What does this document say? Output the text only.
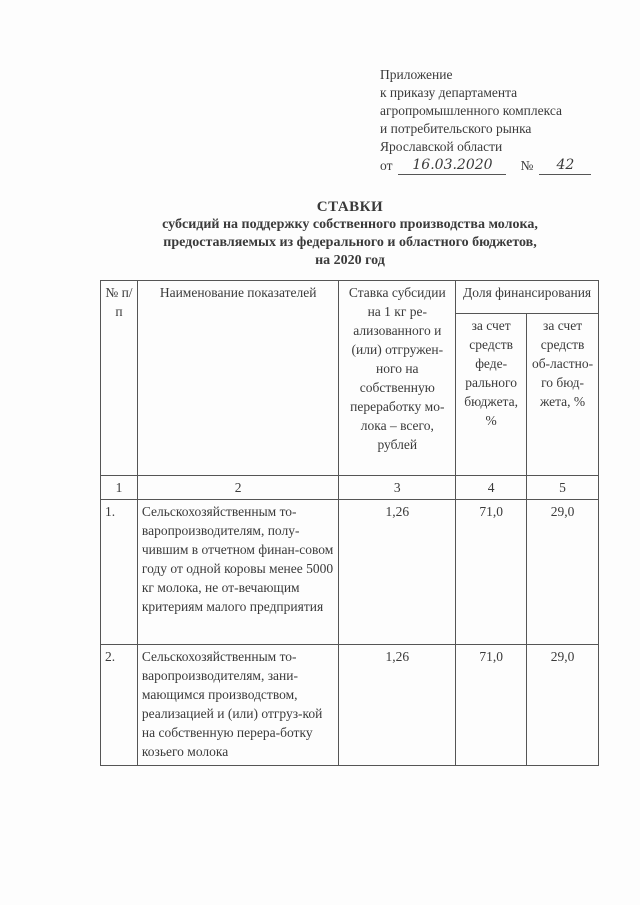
Приложение
к приказу департамента
агропромышленного комплекса
и потребительского рынка
Ярославской области
от	16.03.2020	№	42
СТАВКИ
субсидий на поддержку собственного производства молока,
предоставляемых из федерального и областного бюджетов,
на 2020 год
№ п/п	Наименование показателей	Ставка субсидии на 1 кг ре-ализованного и (или) отгружен-ного на собственную переработку мо-лока – всего, рублей	Доля финансирования	
			за счет средств феде-рального бюджета, %	за счет средств об-ластно-го бюд-жета, %
1	2	3	4	5
1.	Сельскохозяйственным то-варопроизводителям, полу-чившим в отчетном финан-совом году от одной коровы менее 5000 кг молока, не от-вечающим критериям малого предприятия	1,26	71,0	29,0
2.	Сельскохозяйственным то-варопроизводителям, зани-мающимся производством, реализацией и (или) отгруз-кой на собственную перера-ботку козьего молока	1,26	71,0	29,0
